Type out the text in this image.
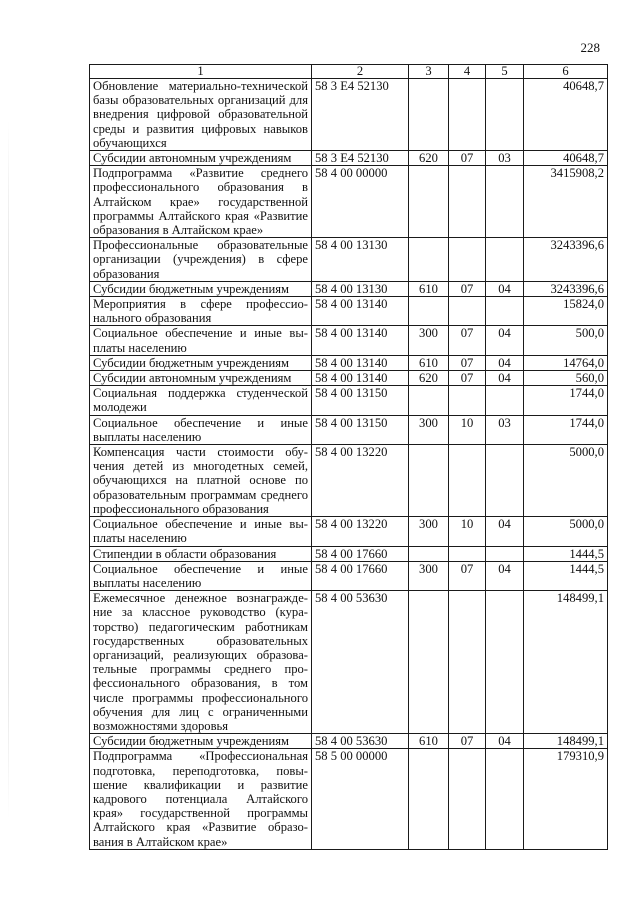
228
1	2	3	4	5	6
Обновление материально-технической базы образовательных организаций для внедрения цифровой образовательной среды и развития цифровых навыков обучающихся	58 3 E4 52130				40648,7
Субсидии автономным учреждениям	58 3 E4 52130	620	07	03	40648,7
Подпрограмма «Развитие среднего профессионального образования в Алтайском крае» государственной программы Алтайского края «Развитие образования в Алтайском крае»	58 4 00 00000				3415908,2
Профессиональные образовательные организации (учреждения) в сфере образования	58 4 00 13130				3243396,6
Субсидии бюджетным учреждениям	58 4 00 13130	610	07	04	3243396,6
Мероприятия в сфере профессионального образования	58 4 00 13140				15824,0
Социальное обеспечение и иные выплаты населению	58 4 00 13140	300	07	04	500,0
Субсидии бюджетным учреждениям	58 4 00 13140	610	07	04	14764,0
Субсидии автономным учреждениям	58 4 00 13140	620	07	04	560,0
Социальная поддержка студенческой молодежи	58 4 00 13150				1744,0
Социальное обеспечение и иные выплаты населению	58 4 00 13150	300	10	03	1744,0
Компенсация части стоимости обучения детей из многодетных семей, обучающихся на платной основе по образовательным программам среднего профессионального образования	58 4 00 13220				5000,0
Социальное обеспечение и иные выплаты населению	58 4 00 13220	300	10	04	5000,0
Стипендии в области образования	58 4 00 17660				1444,5
Социальное обеспечение и иные выплаты населению	58 4 00 17660	300	07	04	1444,5
Ежемесячное денежное вознаграждение за классное руководство (кураторство) педагогическим работникам государственных образовательных организаций, реализующих образовательные программы среднего профессионального образования, в том числе программы профессионального обучения для лиц с ограниченными возможностями здоровья	58 4 00 53630				148499,1
Субсидии бюджетным учреждениям	58 4 00 53630	610	07	04	148499,1
Подпрограмма «Профессиональная подготовка, переподготовка, повышение квалификации и развитие кадрового потенциала Алтайского края» государственной программы Алтайского края «Развитие образования в Алтайском крае»	58 5 00 00000				179310,9
